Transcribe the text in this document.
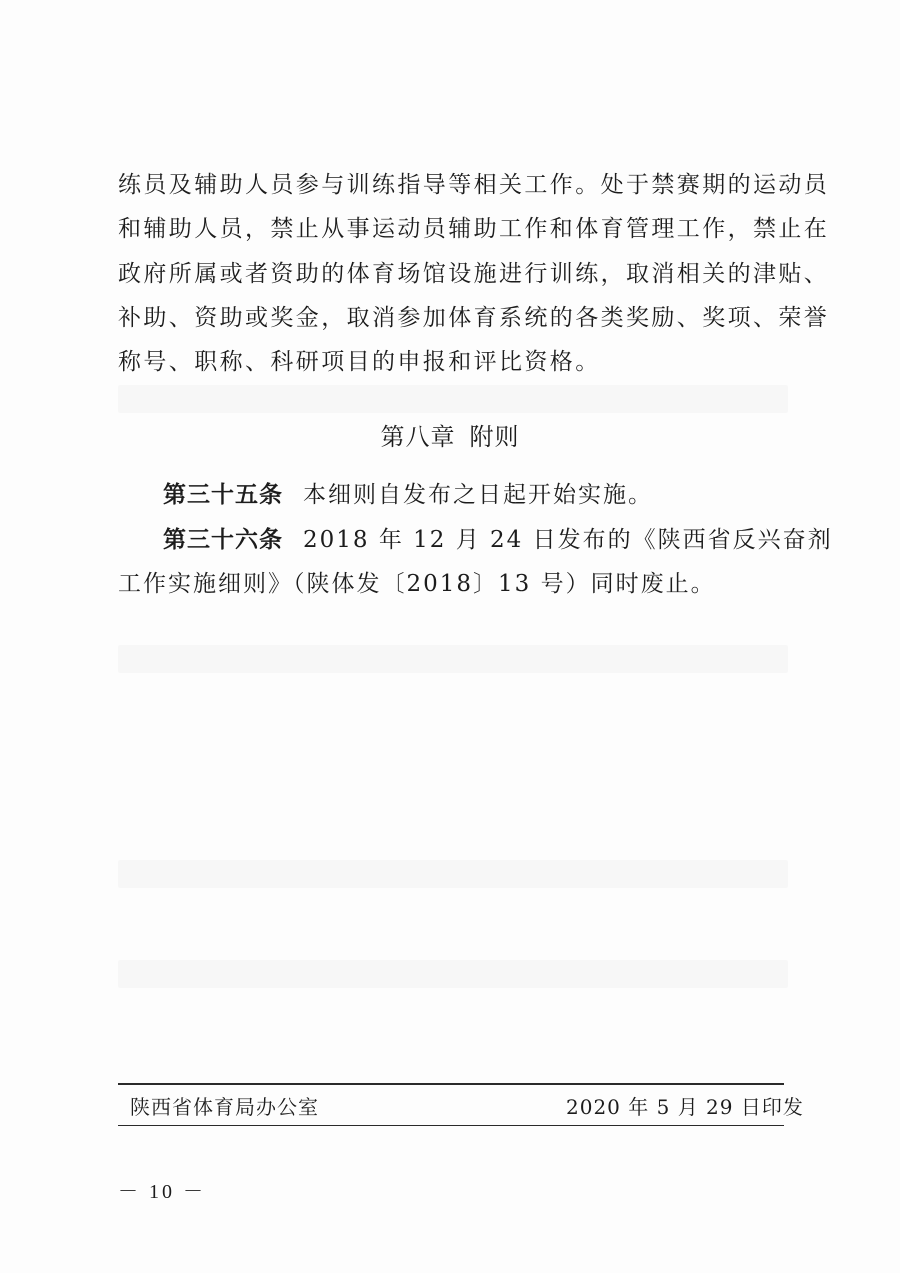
练员及辅助人员参与训练指导等相关工作。处于禁赛期的运动员
和辅助人员，禁止从事运动员辅助工作和体育管理工作，禁止在
政府所属或者资助的体育场馆设施进行训练，取消相关的津贴、
补助、资助或奖金，取消参加体育系统的各类奖励、奖项、荣誉
称号、职称、科研项目的申报和评比资格。
第八章 附则
第三十五条 本细则自发布之日起开始实施。
第三十六条 2018 年 12 月 24 日发布的《陕西省反兴奋剂
工作实施细则》（陕体发〔2018〕13 号）同时废止。
陕西省体育局办公室	2020 年 5 月 29 日印发
－ 10 －
